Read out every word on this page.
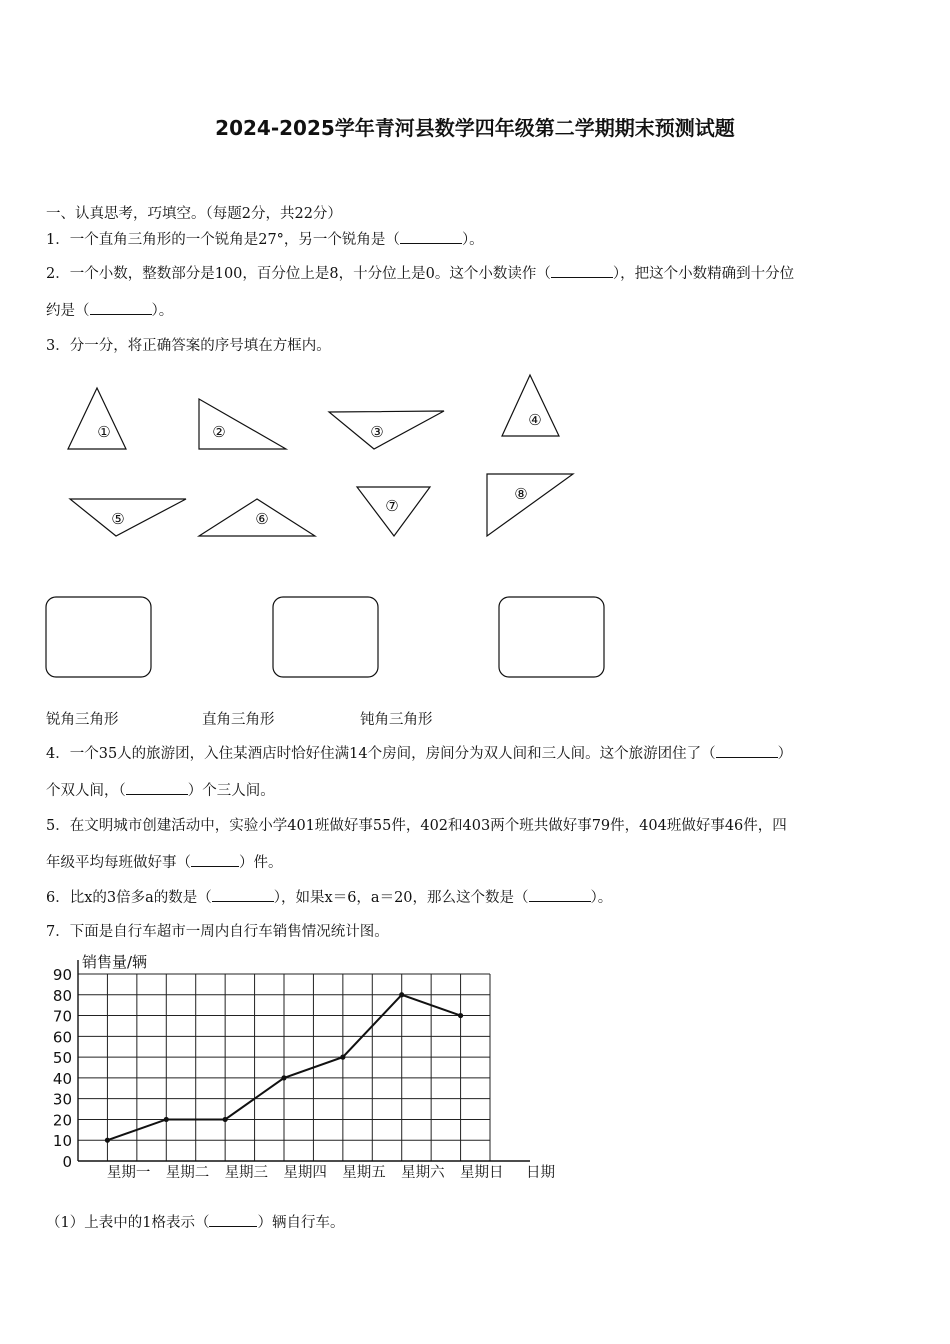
2024-2025学年青河县数学四年级第二学期期末预测试题
一、认真思考，巧填空。（每题2分，共22分）
1．一个直角三角形的一个锐角是27°，另一个锐角是（	）。
2．一个小数，整数部分是100，百分位上是8，十分位上是0。这个小数读作（	），把这个小数精确到十分位
约是（	）。
3．分一分，将正确答案的序号填在方框内。
①	②	③
④
⑤	⑥
⑦
⑧
锐角三角形	直角三角形	钝角三角形
4．一个35人的旅游团，入住某酒店时恰好住满14个房间，房间分为双人间和三人间。这个旅游团住了（	）
个双人间，（	）个三人间。
5．在文明城市创建活动中，实验小学401班做好事55件，402和403两个班共做好事79件，404班做好事46件，四
年级平均每班做好事（	）件。
6．比x的3倍多a的数是（	），如果x＝6，a＝20，那么这个数是（	）。
7．下面是自行车超市一周内自行车销售情况统计图。
销售量/辆
0
10
20
30
40
50
60
70
80
90
星期一 星期二 星期三 星期四 星期五 星期六 星期日 日期
（1）上表中的1格表示（	）辆自行车。
